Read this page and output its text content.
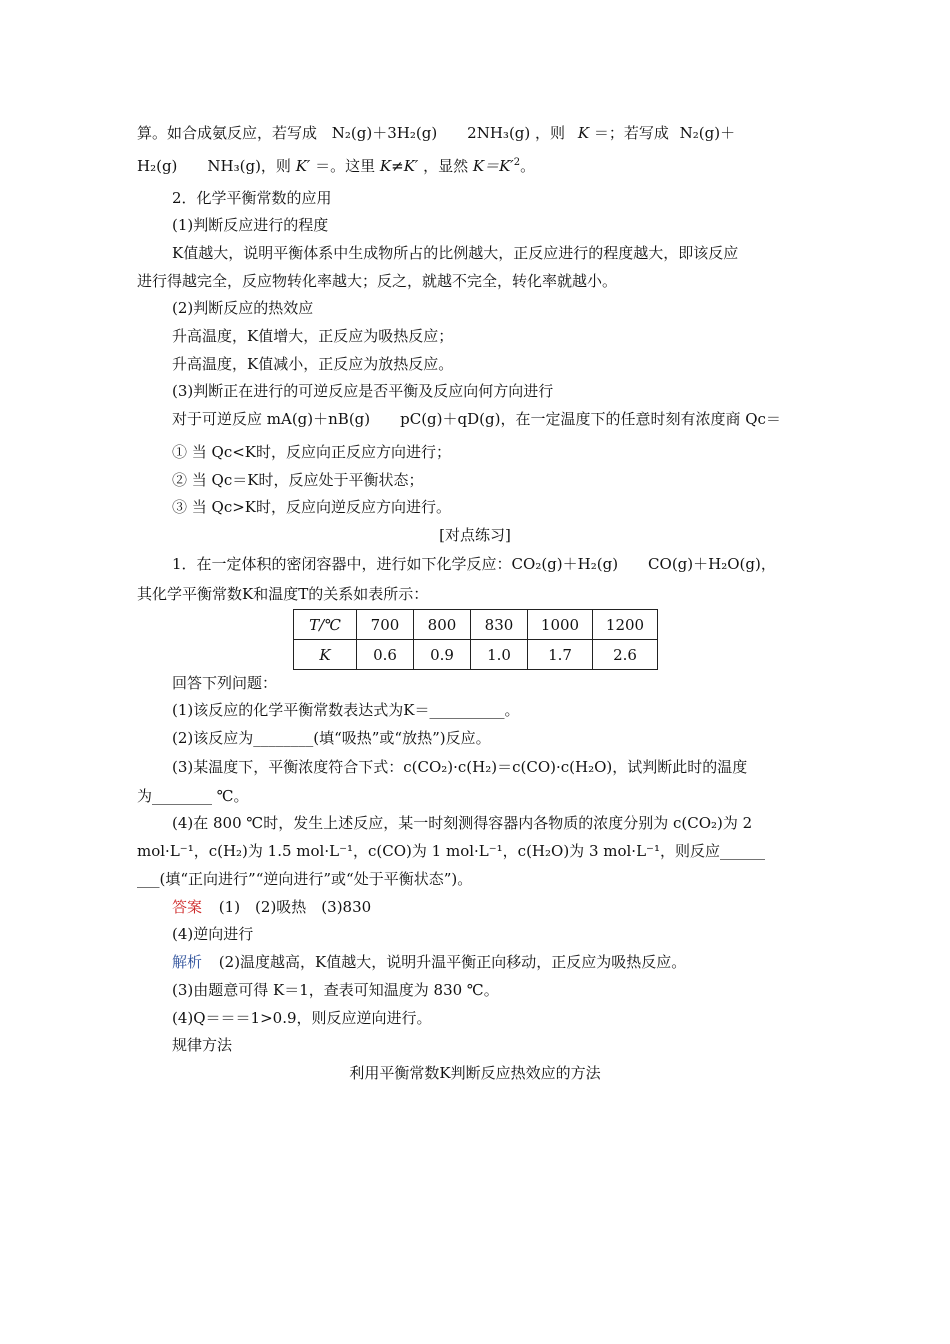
算。如合成氨反应，若写成 N₂(g)＋3H₂(g)　　2NH₃(g) ，则 K ＝；若写成 N₂(g)＋
H₂(g)　　NH₃(g)，则 K′ ＝。这里 K≠K′ ，显然 $K=K'^2$。
2．化学平衡常数的应用
(1)判断反应进行的程度
K值越大，说明平衡体系中生成物所占的比例越大，正反应进行的程度越大，即该反应
进行得越完全，反应物转化率越大；反之，就越不完全，转化率就越小。
(2)判断反应的热效应
升高温度，K值增大，正反应为吸热反应；
升高温度，K值减小，正反应为放热反应。
(3)判断正在进行的可逆反应是否平衡及反应向何方向进行
对于可逆反应 mA(g)＋nB(g)　　pC(g)＋qD(g)，在一定温度下的任意时刻有浓度商 Qc＝
① 当 Qc<K时，反应向正反应方向进行；
② 当 Qc＝K时，反应处于平衡状态；
③ 当 Qc>K时，反应向逆反应方向进行。
[对点练习]
1．在一定体积的密闭容器中，进行如下化学反应：CO₂(g)＋H₂(g)　　CO(g)＋H₂O(g)，
其化学平衡常数K和温度T的关系如表所示：
T/℃	700	800	830	1000	1200
K	0.6	0.9	1.0	1.7	2.6
回答下列问题：
(1)该反应的化学平衡常数表达式为K＝__________。
(2)该反应为________(填“吸热”或“放热”)反应。
(3)某温度下，平衡浓度符合下式：c(CO₂)·c(H₂)＝c(CO)·c(H₂O)，试判断此时的温度
为________ ℃。
(4)在 800 ℃时，发生上述反应，某一时刻测得容器内各物质的浓度分别为 c(CO₂)为 2
mol·L⁻¹，c(H₂)为 1.5 mol·L⁻¹，c(CO)为 1 mol·L⁻¹，c(H₂O)为 3 mol·L⁻¹，则反应______
___(填“正向进行”“逆向进行”或“处于平衡状态”)。
答案 (1)　(2)吸热　(3)830
(4)逆向进行
解析 (2)温度越高，K值越大，说明升温平衡正向移动，正反应为吸热反应。
(3)由题意可得 K＝1，查表可知温度为 830 ℃。
(4)Q＝＝＝1>0.9，则反应逆向进行。
规律方法
利用平衡常数K判断反应热效应的方法
